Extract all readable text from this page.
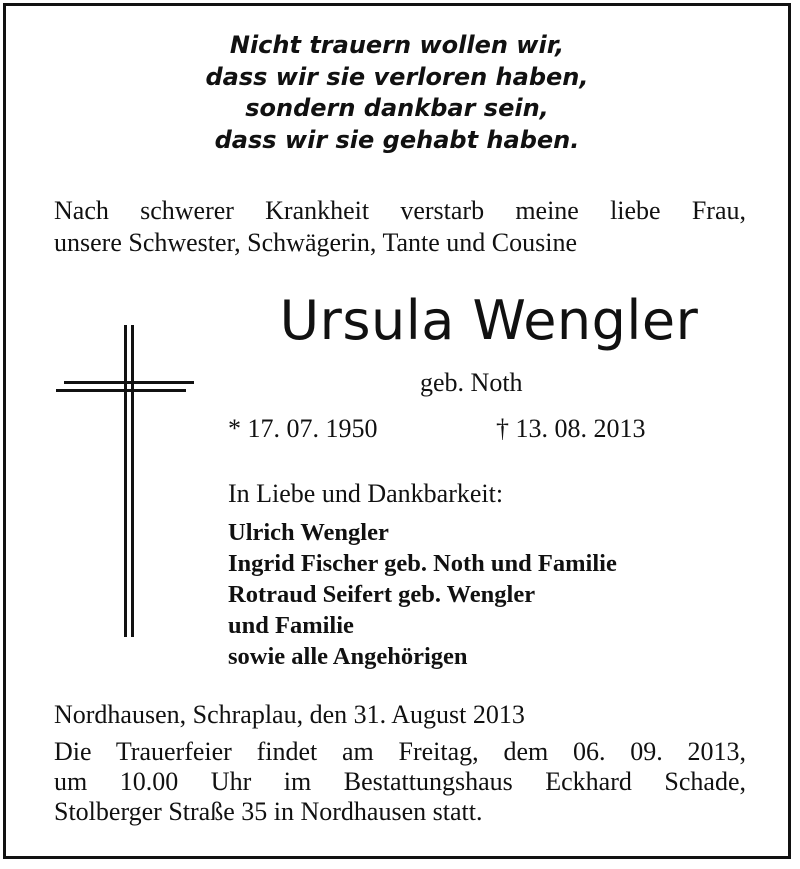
Nicht trauern wollen wir,
dass wir sie verloren haben,
sondern dankbar sein,
dass wir sie gehabt haben.
Nach schwerer Krankheit verstarb meine liebe Frau,
unsere Schwester, Schwägerin, Tante und Cousine
Ursula Wengler
geb. Noth
* 17. 07. 1950	† 13. 08. 2013
In Liebe und Dankbarkeit:
Ulrich Wengler
Ingrid Fischer geb. Noth und Familie
Rotraud Seifert geb. Wengler
und Familie
sowie alle Angehörigen
Nordhausen, Schraplau, den 31. August 2013
Die Trauerfeier findet am Freitag, dem 06. 09. 2013,
um 10.00 Uhr im Bestattungshaus Eckhard Schade,
Stolberger Straße 35 in Nordhausen statt.
